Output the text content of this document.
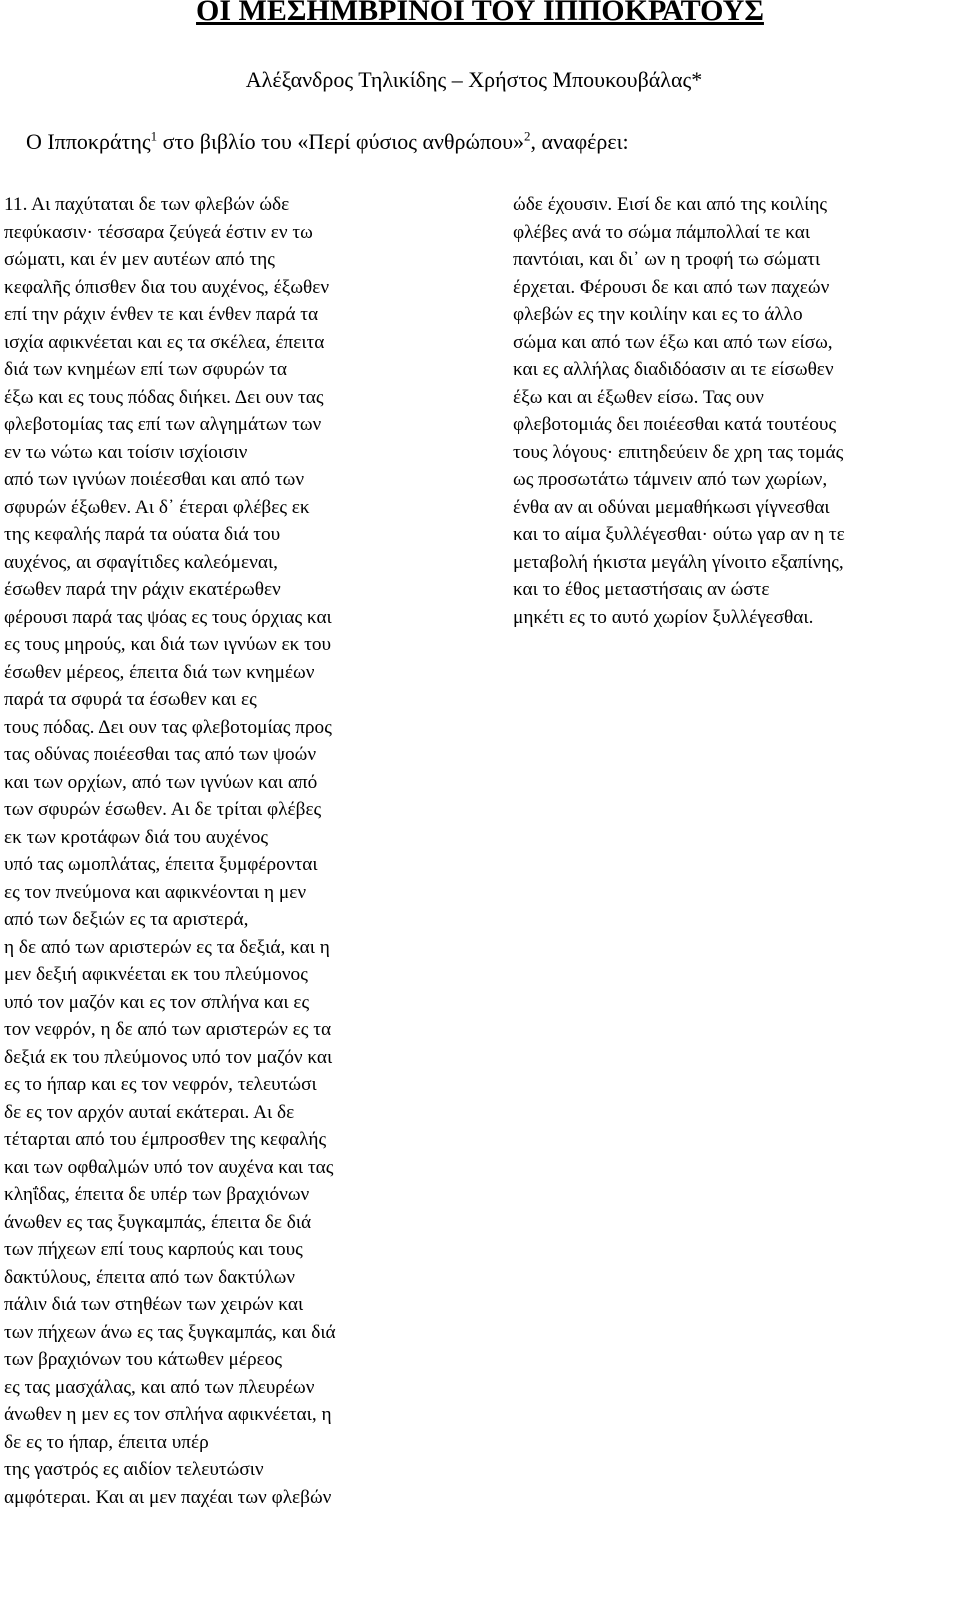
ΟΙ ΜΕΣΗΜΒΡΙΝΟΙ ΤΟΥ ΙΠΠΟΚΡΑΤΟΥΣ
Αλέξανδρος Τηλικίδης – Χρήστος Μπουκουβάλας*
Ο Ιπποκράτης$^1$ στο βιβλίο του «Περί φύσιος ανθρώπου»$^2$, αναφέρει:
11. Αι παχύταται δε των φλεβών ώδε
πεφύκασιν· τέσσαρα ζεύγεά έστιν εν τω
σώματι, και έν μεν αυτέων από της
κεφαλῆς όπισθεν δια του αυχένος, έξωθεν
επί την ράχιν ένθεν τε και ένθεν παρά τα
ισχία αφικνέεται και ες τα σκέλεα, έπειτα
διά των κνημέων επί των σφυρών τα
έξω και ες τους πόδας διήκει. Δει ουν τας
φλεβοτομίας τας επί των αλγημάτων των
εν τω νώτω και τοίσιν ισχίοισιν
από των ιγνύων ποιέεσθαι και από των
σφυρών έξωθεν. Αι δ᾽ έτεραι φλέβες εκ
της κεφαλής παρά τα ούατα διά του
αυχένος, αι σφαγίτιδες καλεόμεναι,
έσωθεν παρά την ράχιν εκατέρωθεν
φέρουσι παρά τας ψόας ες τους όρχιας και
ες τους μηρούς, και διά των ιγνύων εκ του
έσωθεν μέρεος, έπειτα διά των κνημέων
παρά τα σφυρά τα έσωθεν και ες
τους πόδας. Δει ουν τας φλεβοτομίας προς
τας οδύνας ποιέεσθαι τας από των ψοών
και των ορχίων, από των ιγνύων και από
των σφυρών έσωθεν. Αι δε τρίται φλέβες
εκ των κροτάφων διά του αυχένος
υπό τας ωμοπλάτας, έπειτα ξυμφέρονται
ες τον πνεύμονα και αφικνέονται η μεν
από των δεξιών ες τα αριστερά,
η δε από των αριστερών ες τα δεξιά, και η
μεν δεξιή αφικνέεται εκ του πλεύμονος
υπό τον μαζόν και ες τον σπλήνα και ες
τον νεφρόν, η δε από των αριστερών ες τα
δεξιά εκ του πλεύμονος υπό τον μαζόν και
ες το ήπαρ και ες τον νεφρόν, τελευτώσι
δε ες τον αρχόν αυταί εκάτεραι. Αι δε
τέταρται από του έμπροσθεν της κεφαλής
και των οφθαλμών υπό τον αυχένα και τας
κληΐδας, έπειτα δε υπέρ των βραχιόνων
άνωθεν ες τας ξυγκαμπάς, έπειτα δε διά
των πήχεων επί τους καρπούς και τους
δακτύλους, έπειτα από των δακτύλων
πάλιν διά των στηθέων των χειρών και
των πήχεων άνω ες τας ξυγκαμπάς, και διά
των βραχιόνων του κάτωθεν μέρεος
ες τας μασχάλας, και από των πλευρέων
άνωθεν η μεν ες τον σπλήνα αφικνέεται, η
δε ες το ήπαρ, έπειτα υπέρ
της γαστρός ες αιδίον τελευτώσιν
αμφότεραι. Και αι μεν παχέαι των φλεβών
ώδε έχουσιν. Εισί δε και από της κοιλίης
φλέβες ανά το σώμα πάμπολλαί τε και
παντόιαι, και δι᾽ ων η τροφή τω σώματι
έρχεται. Φέρουσι δε και από των παχεών
φλεβών ες την κοιλίην και ες το άλλο
σώμα και από των έξω και από των είσω,
και ες αλλήλας διαδιδόασιν αι τε είσωθεν
έξω και αι έξωθεν είσω. Τας ουν
φλεβοτομιάς δει ποιέεσθαι κατά τουτέους
τους λόγους· επιτηδεύειν δε χρη τας τομάς
ως προσωτάτω τάμνειν από των χωρίων,
ένθα αν αι οδύναι μεμαθήκωσι γίγνεσθαι
και το αίμα ξυλλέγεσθαι· ούτω γαρ αν η τε
μεταβολή ήκιστα μεγάλη γίνοιτο εξαπίνης,
και το έθος μεταστήσαις αν ώστε
μηκέτι ες το αυτό χωρίον ξυλλέγεσθαι.
